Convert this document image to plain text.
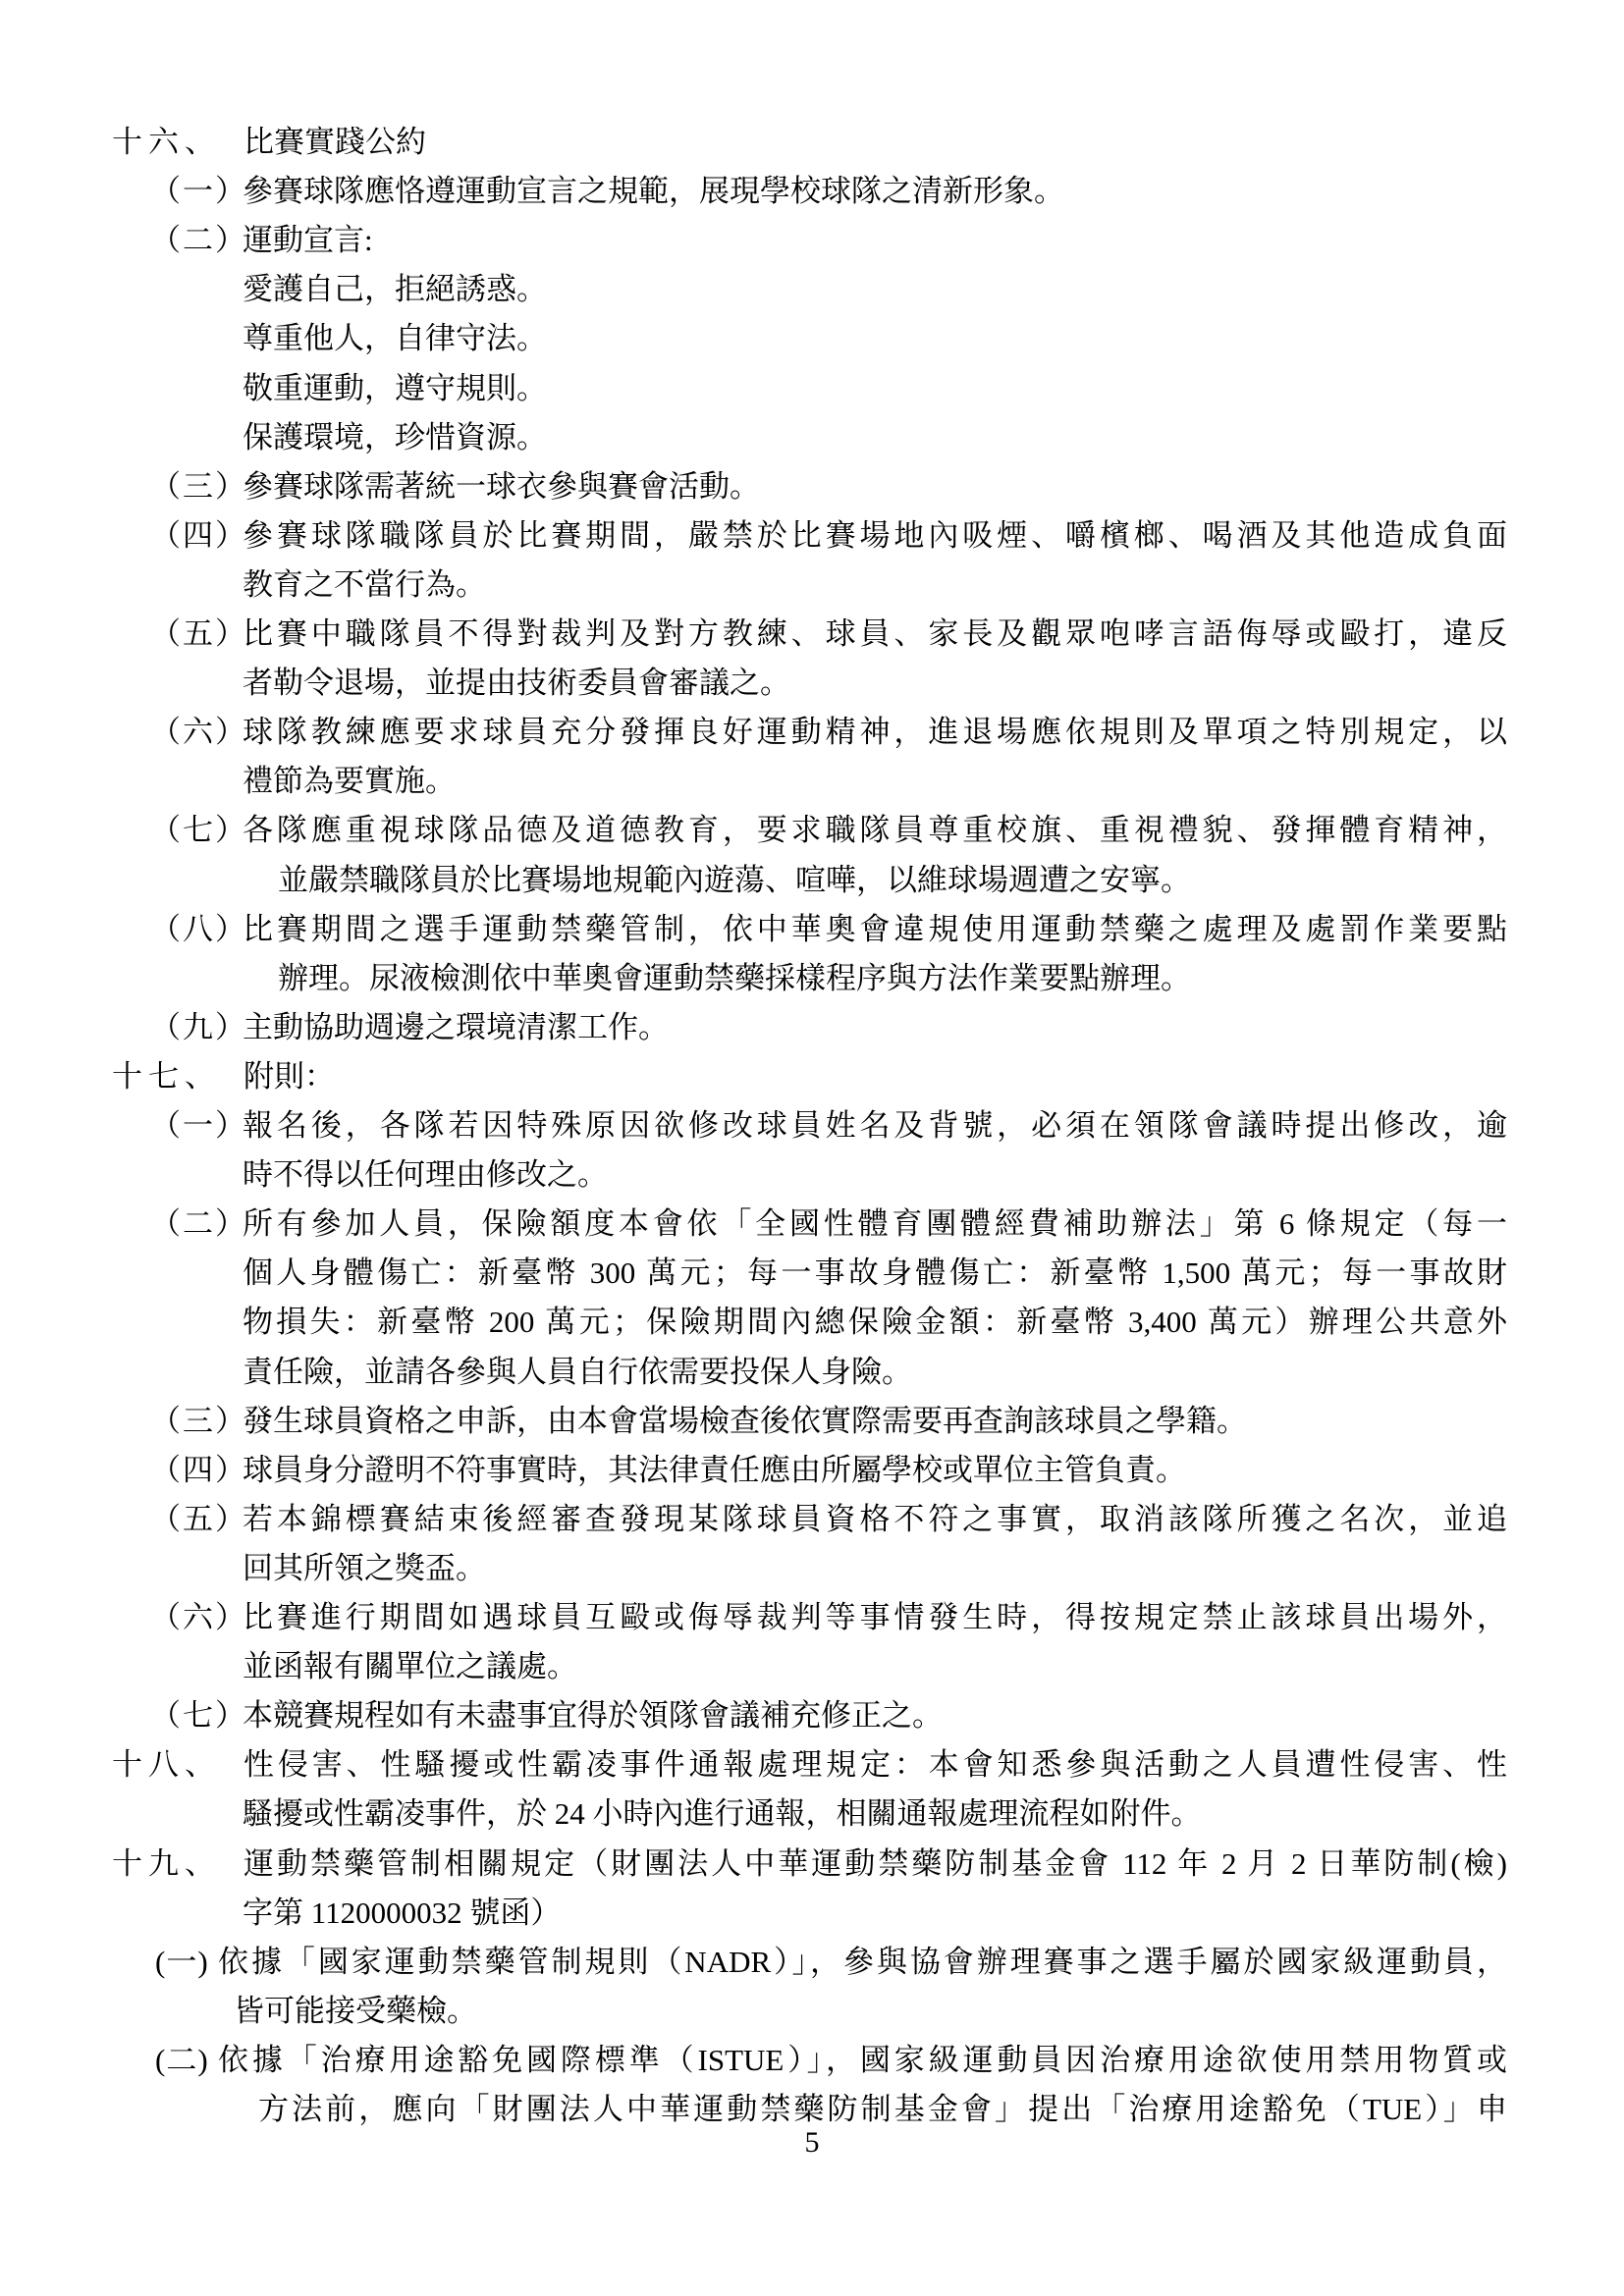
十六、 比賽實踐公約
（一）
參賽球隊應恪遵運動宣言之規範，展現學校球隊之清新形象。
（二）
運動宣言:
愛護自己，拒絕誘惑。
尊重他人，自律守法。
敬重運動，遵守規則。
保護環境，珍惜資源。
（三）
參賽球隊需著統一球衣參與賽會活動。
（四）
參賽球隊職隊員於比賽期間，嚴禁於比賽場地內吸煙、嚼檳榔、喝酒及其他造成負面
教育之不當行為。
（五）
比賽中職隊員不得對裁判及對方教練、球員、家長及觀眾咆哮言語侮辱或毆打，違反
者勒令退場，並提由技術委員會審議之。
（六）
球隊教練應要求球員充分發揮良好運動精神，進退場應依規則及單項之特別規定，以
禮節為要實施。
（七）
各隊應重視球隊品德及道德教育，要求職隊員尊重校旗、重視禮貌、發揮體育精神，
並嚴禁職隊員於比賽場地規範內遊蕩、喧嘩，以維球場週遭之安寧。
（八）
比賽期間之選手運動禁藥管制，依中華奧會違規使用運動禁藥之處理及處罰作業要點
辦理。尿液檢測依中華奧會運動禁藥採樣程序與方法作業要點辦理。
（九）
主動協助週邊之環境清潔工作。
十七、 附則：
（一）
報名後，各隊若因特殊原因欲修改球員姓名及背號，必須在領隊會議時提出修改，逾
時不得以任何理由修改之。
（二）
所有參加人員，保險額度本會依「全國性體育團體經費補助辦法」第 6 條規定（每一
個人身體傷亡：新臺幣 300 萬元；每一事故身體傷亡：新臺幣 1,500 萬元；每一事故財
物損失：新臺幣 200 萬元；保險期間內總保險金額：新臺幣 3,400 萬元）辦理公共意外
責任險，並請各參與人員自行依需要投保人身險。
（三）
發生球員資格之申訴，由本會當場檢查後依實際需要再查詢該球員之學籍。
（四）
球員身分證明不符事實時，其法律責任應由所屬學校或單位主管負責。
（五）
若本錦標賽結束後經審查發現某隊球員資格不符之事實，取消該隊所獲之名次，並追
回其所領之獎盃。
（六）
比賽進行期間如遇球員互毆或侮辱裁判等事情發生時，得按規定禁止該球員出場外，
並函報有關單位之議處。
（七）
本競賽規程如有未盡事宜得於領隊會議補充修正之。
十八、 性侵害、性騷擾或性霸凌事件通報處理規定：本會知悉參與活動之人員遭性侵害、性
騷擾或性霸凌事件，於 24 小時內進行通報，相關通報處理流程如附件。
十九、 運動禁藥管制相關規定（財團法人中華運動禁藥防制基金會 112 年 2 月 2 日華防制(檢)
字第 1120000032 號函）
(一) 依據「國家運動禁藥管制規則（NADR）」，參與協會辦理賽事之選手屬於國家級運動員，
皆可能接受藥檢。
(二) 依據「治療用途豁免國際標準（ISTUE）」，國家級運動員因治療用途欲使用禁用物質或
方法前，應向「財團法人中華運動禁藥防制基金會」提出「治療用途豁免（TUE）」申
5
